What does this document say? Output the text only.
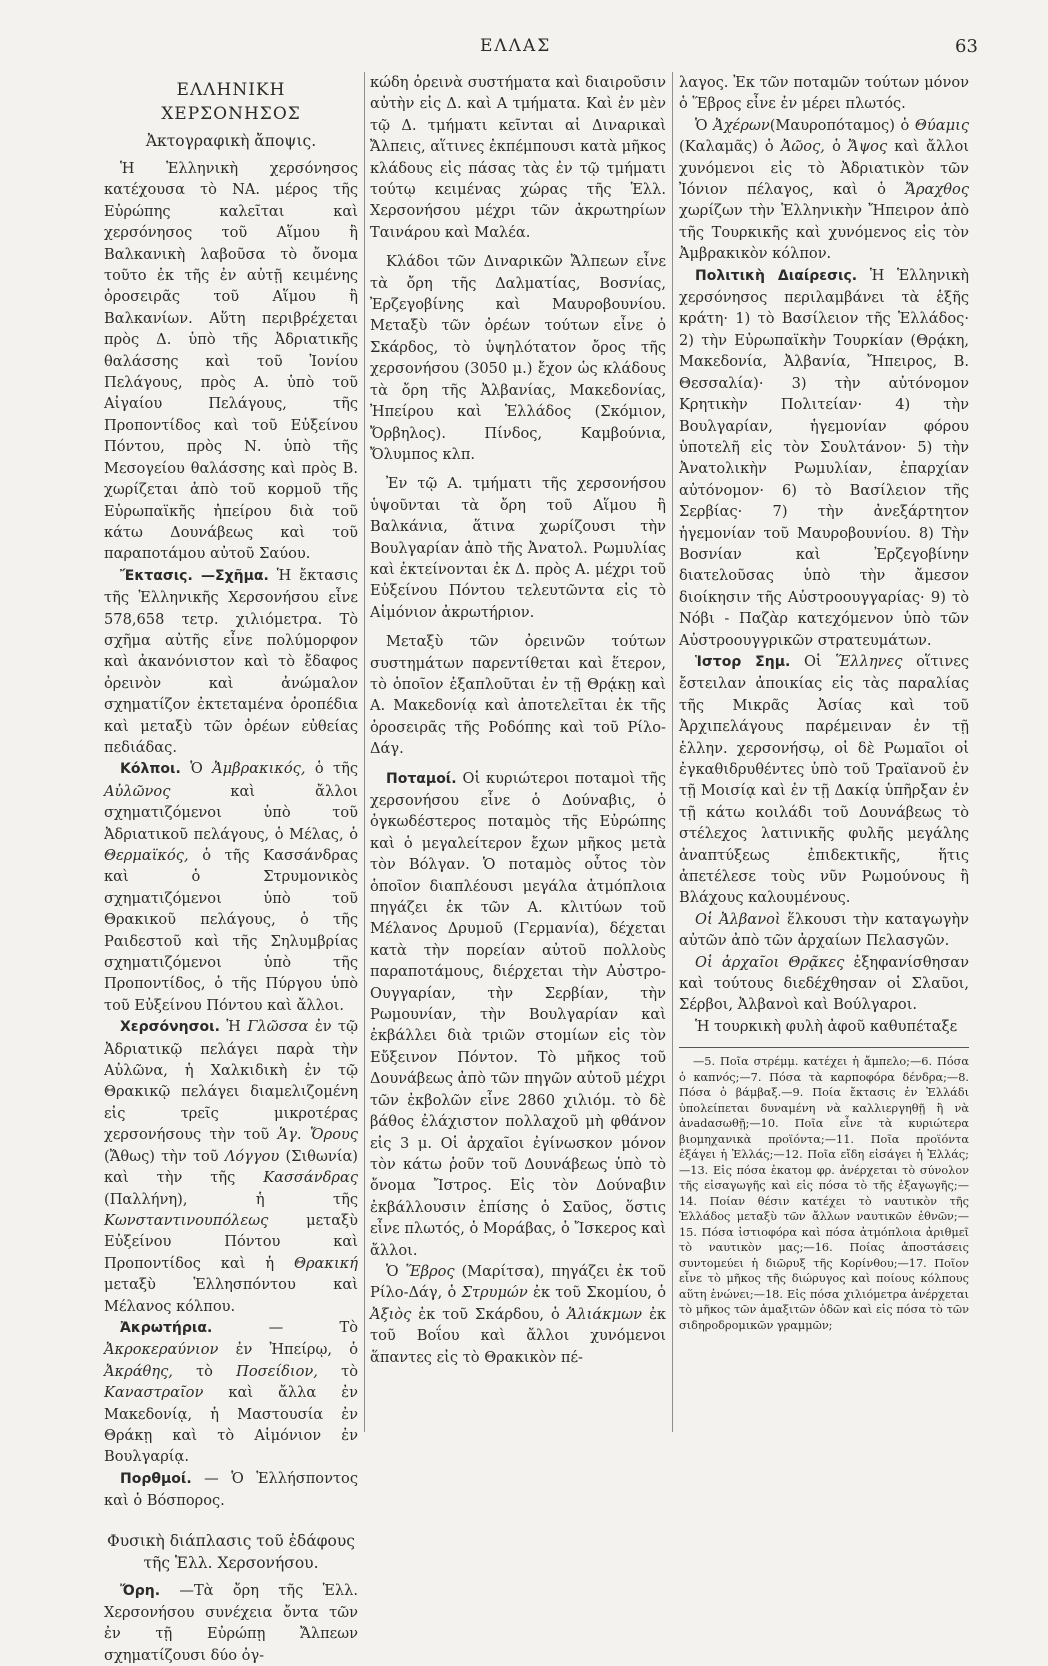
ΕΛΛΑΣ	63
ΕΛΛΗΝΙΚΗ ΧΕΡΣΟΝΗΣΟΣ
Ἀκτογραφικὴ ἄποψις.

Ἡ Ἑλληνικὴ χερσόνησος κατέχουσα τὸ ΝΑ. μέρος τῆς Εὐρώπης καλεῖται καὶ χερσόνησος τοῦ Αἵμου ἢ Βαλκανικὴ λαβοῦσα τὸ ὄνομα τοῦτο ἐκ τῆς ἐν αὐτῇ κειμένης ὀροσειρᾶς τοῦ Αἵμου ἢ Βαλκανίων. Αὕτη περιβρέχεται πρὸς Δ. ὑπὸ τῆς Ἀδριατικῆς θαλάσσης καὶ τοῦ Ἰονίου Πελάγους, πρὸς Α. ὑπὸ τοῦ Αἰγαίου Πελάγους, τῆς Προποντίδος καὶ τοῦ Εὐξείνου Πόντου, πρὸς Ν. ὑπὸ τῆς Μεσογείου θαλάσσης καὶ πρὸς Β. χωρίζεται ἀπὸ τοῦ κορμοῦ τῆς Εὐρωπαϊκῆς ἠπείρου διὰ τοῦ κάτω Δουνάβεως καὶ τοῦ παραποτάμου αὐτοῦ Σαύου.

Ἔκτασις. —Σχῆμα. Ἡ ἔκτασις τῆς Ἑλληνικῆς Χερσονήσου εἶνε 578,658 τετρ. χιλιόμετρα. Τὸ σχῆμα αὐτῆς εἶνε πολύμορφον καὶ ἀκανόνιστον καὶ τὸ ἔδαφος ὀρεινὸν καὶ ἀνώμαλον σχηματίζον ἐκτεταμένα ὀροπέδια καὶ μεταξὺ τῶν ὀρέων εὐθείας πεδιάδας.

Κόλποι. Ὁ Ἀμβρακικός, ὁ τῆς Αὐλῶνος	καὶ ἄλλοι σχηματιζόμενοι ὑπὸ τοῦ Ἀδριατικοῦ πελάγους, ὁ Μέλας, ὁ Θερμαϊκός, ὁ τῆς Κασσάνδρας καὶ ὁ Στρυμονικὸς σχηματιζόμενοι ὑπὸ τοῦ Θρακικοῦ πελάγους, ὁ τῆς Ραιδεστοῦ καὶ τῆς Σηλυμβρίας σχηματιζόμενοι ὑπὸ τῆς Προποντίδος, ὁ τῆς Πύργου ὑπὸ τοῦ Εὐξείνου Πόντου καὶ ἄλλοι.

Χερσόνησοι. Ἡ Γλῶσσα ἐν τῷ Ἀδριατικῷ πελάγει παρὰ τὴν Αὐλῶνα, ἡ Χαλκιδικὴ ἐν τῷ Θρακικῷ πελάγει διαμελιζομένη εἰς τρεῖς μικροτέρας χερσονήσους τὴν τοῦ Ἁγ. Ὄρους (Ἄθως) τὴν τοῦ Λόγγου (Σιθωνία) καὶ τὴν τῆς Κασσάνδρας (Παλλήνη), ἡ τῆς Κωνσταντινουπόλεως	μεταξὺ Εὐξείνου Πόντου καὶ Προποντίδος καὶ ἡ Θρακική μεταξὺ Ἑλλησπόντου καὶ Μέλανος κόλπου.

Ἀκρωτήρια.	— Τὸ Ἀκροκεραύνιον ἐν Ἠπείρῳ, ὁ Ἀκράθης, τὸ Ποσείδιον, τὸ Καναστραῖον καὶ ἄλλα ἐν Μακεδονίᾳ, ἡ Μαστουσία ἐν Θράκῃ καὶ τὸ Αἱμόνιον ἐν Βουλγαρίᾳ.

Πορθμοί. — Ὁ Ἑλλήσποντος καὶ ὁ Βόσπορος.

Φυσικὴ διάπλασις τοῦ ἐδάφους
τῆς Ἑλλ. Χερσονήσου.

Ὄρη. —Τὰ ὄρη τῆς Ἑλλ. Χερσονήσου συνέχεια ὄντα τῶν ἐν τῇ Εὐρώπῃ Ἄλπεων σχηματίζουσι δύο ὀγ-

κώδη ὀρεινὰ συστήματα καὶ διαιροῦσιν αὐτὴν εἰς Δ. καὶ Α τμήματα. Καὶ ἐν μὲν τῷ Δ. τμήματι κεῖνται αἱ Διναρικαὶ Ἄλπεις, αἵτινες ἐκπέμπουσι κατὰ μῆκος κλάδους εἰς πάσας τὰς ἐν τῷ τμήματι τούτῳ κειμένας χώρας τῆς Ἑλλ. Χερσονήσου μέχρι τῶν ἀκρωτηρίων Ταινάρου καὶ Μαλέα.

Κλάδοι τῶν Διναρικῶν Ἄλπεων εἶνε τὰ ὄρη τῆς Δαλματίας, Βοσνίας, Ἐρζεγοβίνης καὶ Μαυροβουνίου. Μεταξὺ τῶν ὀρέων τούτων εἶνε ὁ Σκάρδος, τὸ ὑψηλότατον ὄρος τῆς χερσονήσου (3050 μ.) ἔχον ὡς κλάδους τὰ ὄρη τῆς Ἀλβανίας, Μακεδονίας, Ἠπείρου καὶ Ἑλλάδος (Σκόμιον, Ὄρβηλος). Πίνδος, Καμβούνια, Ὄλυμπος κλπ.

Ἐν τῷ Α. τμήματι τῆς χερσονήσου ὑψοῦνται τὰ ὄρη τοῦ Αἵμου ἢ Βαλκάνια, ἅτινα χωρίζουσι τὴν Βουλγαρίαν ἀπὸ τῆς Ἀνατολ. Ρωμυλίας καὶ ἐκτείνονται ἐκ Δ. πρὸς Α. μέχρι τοῦ Εὐξείνου Πόντου τελευτῶντα εἰς τὸ Αἱμόνιον ἀκρωτήριον.

Μεταξὺ τῶν ὀρεινῶν τούτων συστημάτων παρεντίθεται καὶ ἕτερον, τὸ ὁποῖον ἐξαπλοῦται ἐν τῇ Θρᾴκῃ καὶ Α. Μακεδονίᾳ καὶ ἀποτελεῖται ἐκ τῆς ὀροσειρᾶς τῆς Ροδόπης καὶ τοῦ Ρίλο-Δάγ.

Ποταμοί. Οἱ κυριώτεροι ποταμοὶ τῆς χερσονήσου εἶνε ὁ Δούναβις, ὁ ὀγκωδέστερος ποταμὸς τῆς Εὐρώπης καὶ ὁ μεγαλείτερον ἔχων μῆκος μετὰ τὸν Βόλγαν. Ὁ ποταμὸς οὗτος τὸν ὁποῖον διαπλέουσι μεγάλα ἀτμόπλοια πηγάζει ἐκ τῶν Α. κλιτύων τοῦ Μέλανος Δρυμοῦ (Γερμανία), δέχεται κατὰ τὴν πορείαν αὐτοῦ πολλοὺς παραποτάμους, διέρχεται τὴν Αὐστρο-Ουγγαρίαν, τὴν Σερβίαν, τὴν Ρωμουνίαν, τὴν Βουλγαρίαν καὶ ἐκβάλλει διὰ τριῶν στομίων εἰς τὸν Εὔξεινον Πόντον. Τὸ μῆκος τοῦ Δουνάβεως ἀπὸ τῶν πηγῶν αὐτοῦ μέχρι τῶν ἐκβολῶν εἶνε 2860 χιλιόμ. τὸ δὲ βάθος ἐλάχιστον πολλαχοῦ μὴ φθάνον εἰς 3 μ. Οἱ ἀρχαῖοι ἐγίνωσκον μόνον τὸν κάτω ῥοῦν τοῦ Δουνάβεως ὑπὸ τὸ ὄνομα Ἴστρος. Εἰς τὸν Δούναβιν ἐκβάλλουσιν ἐπίσης ὁ Σαῦος, ὅστις εἶνε πλωτός, ὁ Μοράβας, ὁ Ἴσκερος καὶ ἄλλοι.

Ὁ Ἕβρος (Μαρίτσα), πηγάζει ἐκ τοῦ Ρίλο-Δάγ, ὁ Στρυμών ἐκ τοῦ Σκομίου, ὁ Ἀξιὸς ἐκ τοῦ Σκάρδου, ὁ Ἁλιάκμων ἐκ τοῦ Βοΐου καὶ ἄλλοι χυνόμενοι ἅπαντες εἰς τὸ Θρακικὸν πέ-

λαγος. Ἐκ τῶν ποταμῶν τούτων μόνον ὁ Ἕβρος εἶνε ἐν μέρει πλωτός.

Ὁ Ἀχέρων(Μαυροπόταμος) ὁ Θύαμις (Καλαμᾶς) ὁ Ἀῶος, ὁ Ἄψος καὶ ἄλλοι χυνόμενοι εἰς τὸ Ἀδριατικὸν τῶν Ἰόνιον πέλαγος, καὶ ὁ Ἄραχθος χωρίζων τὴν Ἑλληνικὴν Ἤπειρον ἀπὸ τῆς Τουρκικῆς καὶ χυνόμενος εἰς τὸν Ἀμβρακικὸν κόλπον.

Πολιτικὴ Διαίρεσις. Ἡ Ἑλληνικὴ χερσόνησος περιλαμβάνει τὰ ἑξῆς κράτη· 1) τὸ Βασίλειον τῆς Ἑλλάδος· 2) τὴν Εὐρωπαϊκὴν Τουρκίαν (Θρᾴκη, Μακεδονία, Ἀλβανία, Ἤπειρος, Β. Θεσσαλία)· 3) τὴν αὐτόνομον Κρητικὴν Πολιτείαν· 4) τὴν Βουλγαρίαν, ἡγεμονίαν φόρου ὑποτελῆ εἰς τὸν Σουλτάνον· 5) τὴν Ἀνατολικὴν Ρωμυλίαν, ἐπαρχίαν αὐτόνομον· 6) τὸ Βασίλειον τῆς Σερβίας· 7) τὴν ἀνεξάρτητον ἡγεμονίαν τοῦ Μαυροβουνίου. 8) Τὴν Βοσνίαν καὶ Ἐρζεγοβίνην διατελοῦσας ὑπὸ τὴν ἄμεσον διοίκησιν τῆς Αὐστροουγγαρίας· 9) τὸ Νόβι - Παζὰρ κατεχόμενον ὑπὸ τῶν Αὐστροουγγρικῶν στρατευμάτων.

Ἱστορ Σημ. Οἱ Ἕλληνες οἵτινες ἔστειλαν ἀποικίας εἰς τὰς παραλίας τῆς Μικρᾶς Ἀσίας καὶ τοῦ Ἀρχιπελάγους παρέμειναν ἐν τῇ ἑλλην. χερσονήσῳ, οἱ δὲ Ρωμαῖοι οἱ ἐγκαθιδρυθέντες ὑπὸ τοῦ Τραϊανοῦ ἐν τῇ Μοισίᾳ καὶ ἐν τῇ Δακίᾳ ὑπῆρξαν ἐν τῇ κάτω κοιλάδι τοῦ Δουνάβεως τὸ στέλεχος λατινικῆς φυλῆς μεγάλης ἀναπτύξεως ἐπιδεκτικῆς, ἥτις ἀπετέλεσε τοὺς νῦν Ρωμούνους ἢ Βλάχους καλουμένους.

Οἱ Ἀλβανοὶ ἕλκουσι τὴν καταγωγὴν αὐτῶν ἀπὸ τῶν ἀρχαίων Πελασγῶν.

Οἱ ἀρχαῖοι Θρᾷκες ἐξηφανίσθησαν καὶ τούτους διεδέχθησαν οἱ Σλαῦοι, Σέρβοι, Ἀλβανοὶ καὶ Βούλγαροι.

Ἡ τουρκικὴ φυλὴ ἀφοῦ καθυπέταξε

—5. Ποῖα στρέμμ. κατέχει ἡ ἄμπελο;—6. Πόσα ὁ καπνός;—7. Πόσα τὰ καρποφόρα δένδρα;—8. Πόσα ὁ βάμβαξ.—9. Ποία ἔκτασις ἐν Ἑλλάδι ὑπολείπεται δυναμένη νὰ καλλιεργηθῇ ἢ νὰ ἀνadασωθῇ;—10. Ποῖα εἶνε τὰ κυριώτερα βιομηχανικὰ προϊόντα;—11. Ποῖα προϊόντα ἐξάγει ἡ Ἑλλάς;—12. Ποῖα εἴδη εἰσάγει ἡ Ἑλλάς;—13. Εἰς πόσα ἑκατομ φρ. ἀνέρχεται τὸ σύνολον τῆς εἰσαγωγῆς καὶ εἰς πόσα τὸ τῆς ἐξαγωγῆς;—14. Ποίαν θέσιν κατέχει τὸ ναυτικὸν τῆς Ἑλλάδος μεταξὺ τῶν ἄλλων ναυτικῶν ἐθνῶν;—15. Πόσα ἱστιοφόρα καὶ πόσα ἀτμόπλοια ἀριθμεῖ τὸ ναυτικὸν μας;—16. Ποίας ἀποστάσεις συντομεύει ἡ διῶρυξ τῆς Κορίνθου;—17. Ποῖον εἶνε τὸ μῆκος τῆς διώρυγος καὶ ποίους κόλπους αὕτη ἑνώνει;—18. Εἰς πόσα χιλιόμετρα ἀνέρχεται τὸ μῆκος τῶν ἁμαξιτῶν ὁδῶν καὶ εἰς πόσα τὸ τῶν σιδηροδρομικῶν γραμμῶν;
